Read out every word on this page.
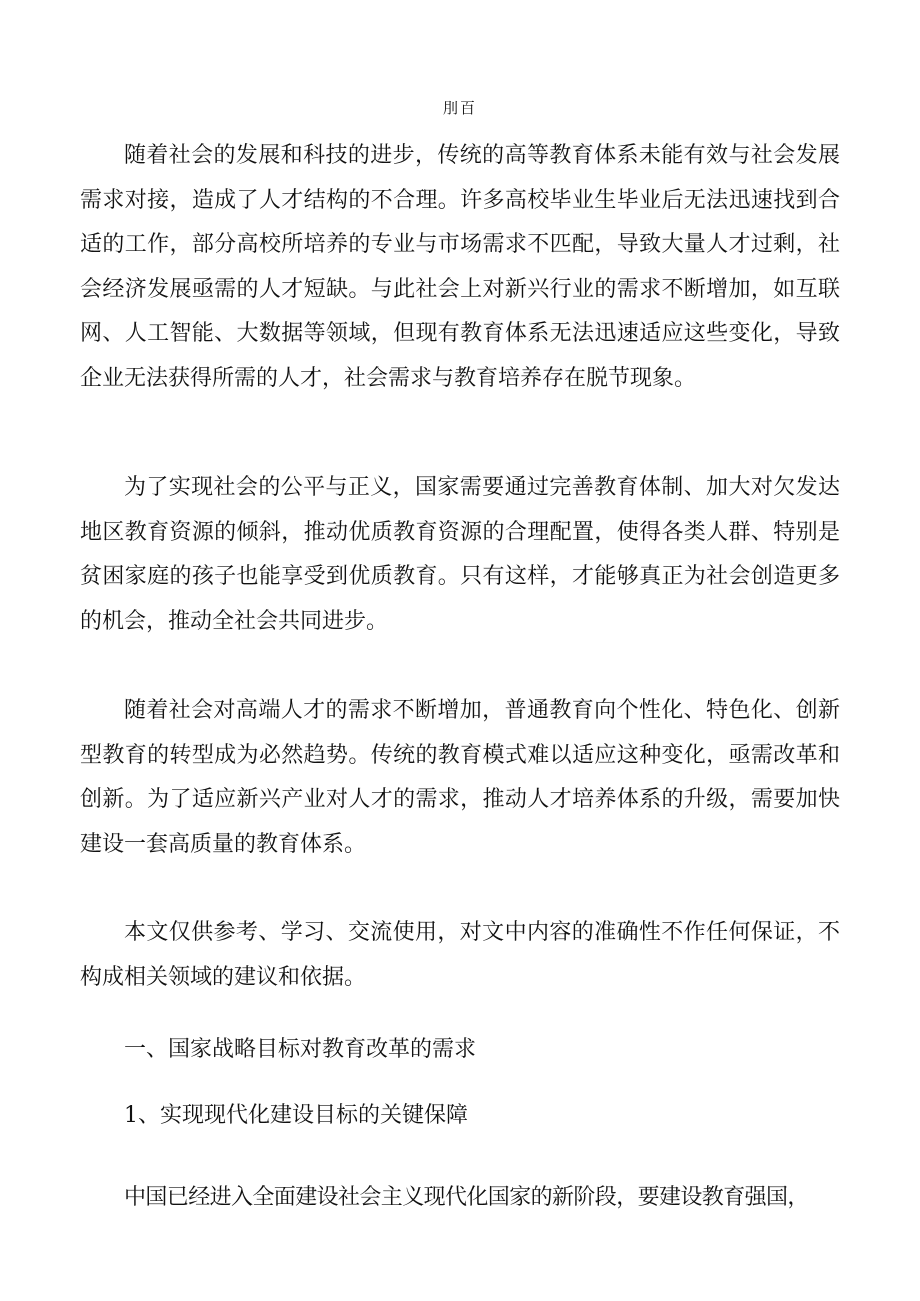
刖百

随着社会的发展和科技的进步，传统的高等教育体系未能有效与社会发展需求对接，造成了人才结构的不合理。许多高校毕业生毕业后无法迅速找到合适的工作，部分高校所培养的专业与市场需求不匹配，导致大量人才过剩，社会经济发展亟需的人才短缺。与此社会上对新兴行业的需求不断增加，如互联网、人工智能、大数据等领域，但现有教育体系无法迅速适应这些变化，导致企业无法获得所需的人才，社会需求与教育培养存在脱节现象。

为了实现社会的公平与正义，国家需要通过完善教育体制、加大对欠发达地区教育资源的倾斜，推动优质教育资源的合理配置，使得各类人群、特别是贫困家庭的孩子也能享受到优质教育。只有这样，才能够真正为社会创造更多的机会，推动全社会共同进步。

随着社会对高端人才的需求不断增加，普通教育向个性化、特色化、创新型教育的转型成为必然趋势。传统的教育模式难以适应这种变化，亟需改革和创新。为了适应新兴产业对人才的需求，推动人才培养体系的升级，需要加快建设一套高质量的教育体系。

本文仅供参考、学习、交流使用，对文中内容的准确性不作任何保证，不构成相关领域的建议和依据。

一、国家战略目标对教育改革的需求

1、实现现代化建设目标的关键保障

中国已经进入全面建设社会主义现代化国家的新阶段，要建设教育强国，
